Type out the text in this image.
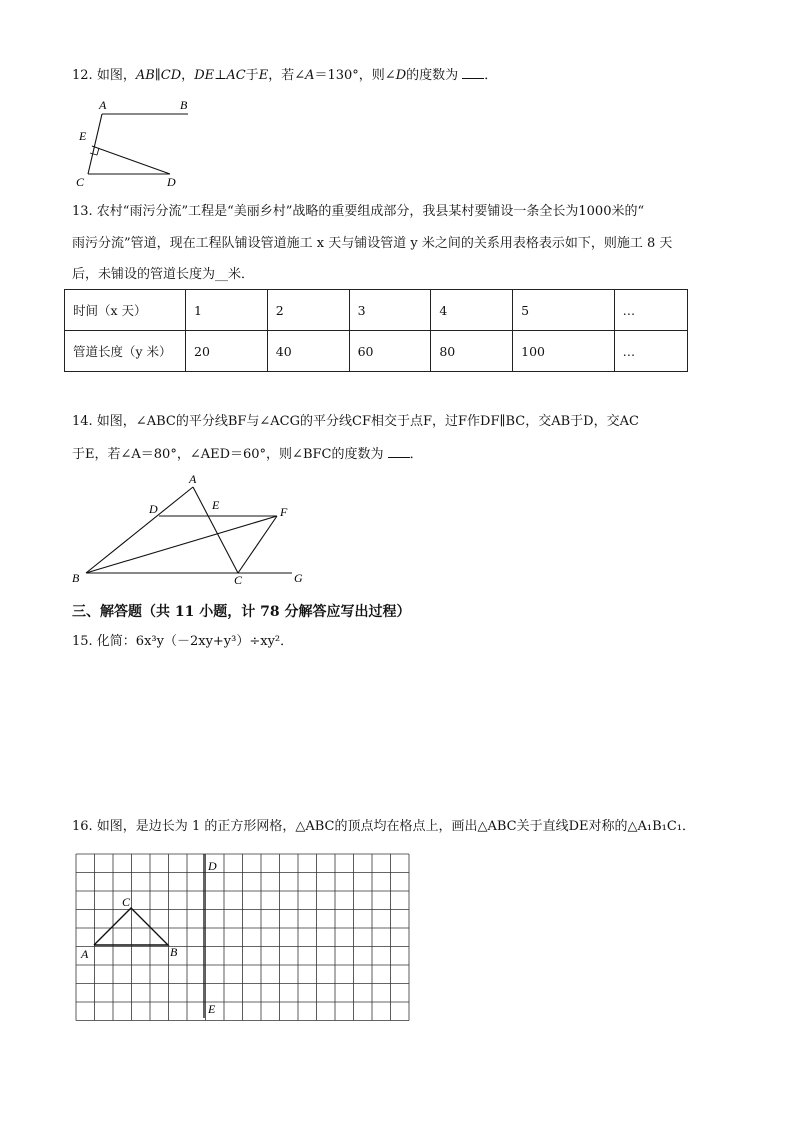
12. 如图，AB∥CD，DE⊥AC于E，若∠A＝130°，则∠D的度数为 ．
A	B
E
C	D
13. 农村“雨污分流”工程是“美丽乡村”战略的重要组成部分，我县某村要铺设一条全长为1000米的“
雨污分流”管道，现在工程队铺设管道施工 x 天与铺设管道 y 米之间的关系用表格表示如下，则施工 8 天
后，未铺设的管道长度为__米．
时间（x 天）	1	2	3	4	5	…
管道长度（y 米）	20	40	60	80	100	…
14. 如图，∠ABC的平分线BF与∠ACG的平分线CF相交于点F，过F作DF∥BC，交AB于D，交AC
于E，若∠A＝80°，∠AED＝60°，则∠BFC的度数为 ．
A
D	E	F
B	C	G
三、解答题（共 11 小题，计 78 分解答应写出过程）
15. 化简：6x³y（－2xy+y³）÷xy²．
16. 如图，是边长为 1 的正方形网格，△ABC的顶点均在格点上，画出△ABC关于直线DE对称的△A₁B₁C₁．
D
E
C
A	B
